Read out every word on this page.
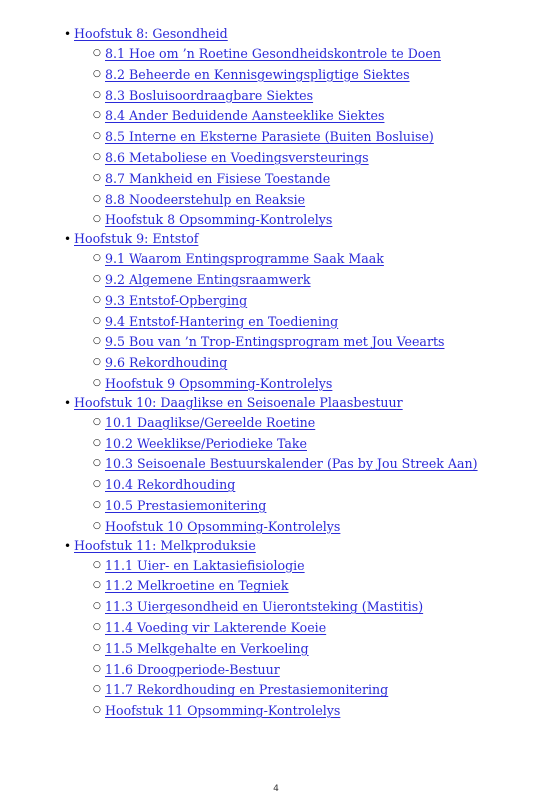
• Hoofstuk 8: Gesondheid
○ 8.1 Hoe om ’n Roetine Gesondheidskontrole te Doen
○ 8.2 Beheerde en Kennisgewingspligtige Siektes
○ 8.3 Bosluisoordraagbare Siektes
○ 8.4 Ander Beduidende Aansteeklike Siektes
○ 8.5 Interne en Eksterne Parasiete (Buiten Bosluise)
○ 8.6 Metaboliese en Voedingsversteurings
○ 8.7 Mankheid en Fisiese Toestande
○ 8.8 Noodeerstehulp en Reaksie
○ Hoofstuk 8 Opsomming-Kontrolelys
• Hoofstuk 9: Entstof
○ 9.1 Waarom Entingsprogramme Saak Maak
○ 9.2 Algemene Entingsraamwerk
○ 9.3 Entstof-Opberging
○ 9.4 Entstof-Hantering en Toediening
○ 9.5 Bou van ’n Trop-Entingsprogram met Jou Veearts
○ 9.6 Rekordhouding
○ Hoofstuk 9 Opsomming-Kontrolelys
• Hoofstuk 10: Daaglikse en Seisoenale Plaasbestuur
○ 10.1 Daaglikse/Gereelde Roetine
○ 10.2 Weeklikse/Periodieke Take
○ 10.3 Seisoenale Bestuurskalender (Pas by Jou Streek Aan)
○ 10.4 Rekordhouding
○ 10.5 Prestasiemonitering
○ Hoofstuk 10 Opsomming-Kontrolelys
• Hoofstuk 11: Melkproduksie
○ 11.1 Uier- en Laktasiefisiologie
○ 11.2 Melkroetine en Tegniek
○ 11.3 Uiergesondheid en Uierontsteking (Mastitis)
○ 11.4 Voeding vir Lakterende Koeie
○ 11.5 Melkgehalte en Verkoeling
○ 11.6 Droogperiode-Bestuur
○ 11.7 Rekordhouding en Prestasiemonitering
○ Hoofstuk 11 Opsomming-Kontrolelys
4
